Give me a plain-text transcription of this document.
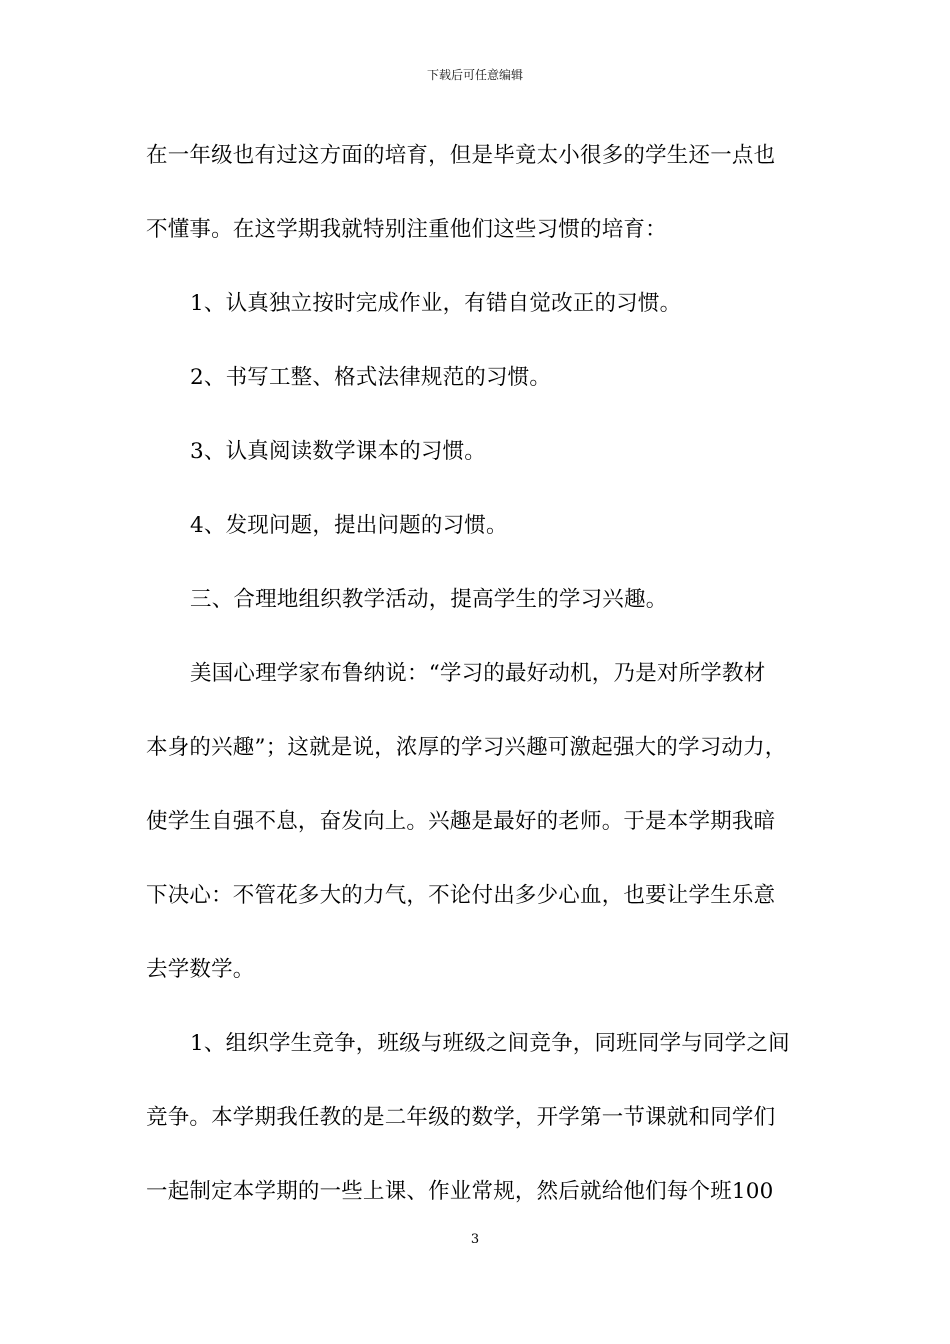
下载后可任意编辑
在一年级也有过这方面的培育，但是毕竟太小很多的学生还一点也
不懂事。在这学期我就特别注重他们这些习惯的培育：
1、认真独立按时完成作业，有错自觉改正的习惯。
2、书写工整、格式法律规范的习惯。
3、认真阅读数学课本的习惯。
4、发现问题，提出问题的习惯。
三、合理地组织教学活动，提高学生的学习兴趣。
美国心理学家布鲁纳说：“学习的最好动机，乃是对所学教材
本身的兴趣”；这就是说，浓厚的学习兴趣可激起强大的学习动力，
使学生自强不息，奋发向上。兴趣是最好的老师。于是本学期我暗
下决心：不管花多大的力气，不论付出多少心血，也要让学生乐意
去学数学。
1、组织学生竞争，班级与班级之间竞争，同班同学与同学之间
竞争。本学期我任教的是二年级的数学，开学第一节课就和同学们
一起制定本学期的一些上课、作业常规，然后就给他们每个班100
3
